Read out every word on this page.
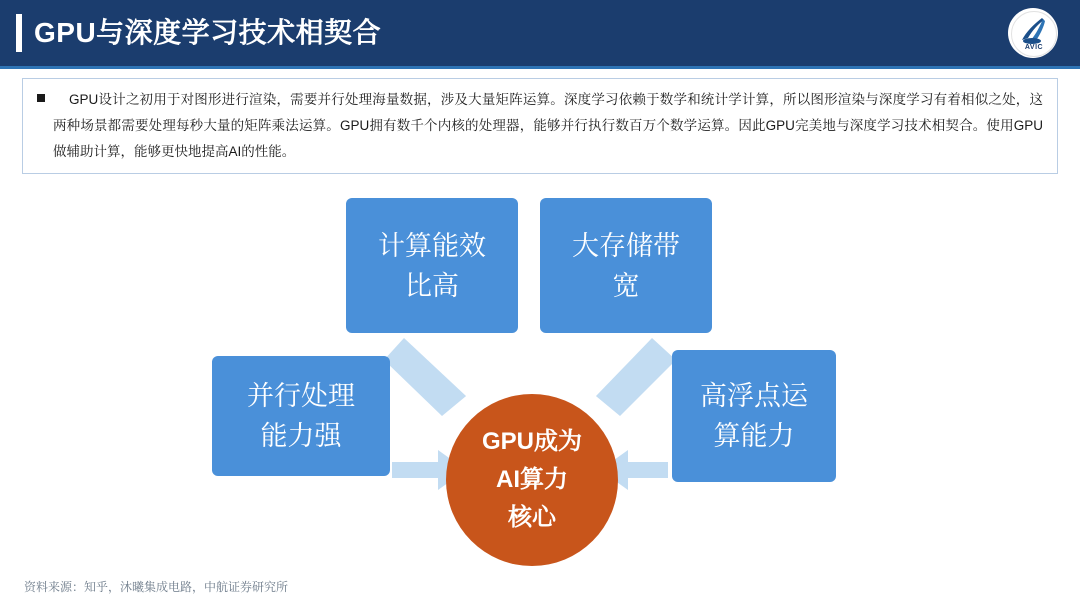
GPU与深度学习技术相契合	AVIC
GPU设计之初用于对图形进行渲染，需要并行处理海量数据，涉及大量矩阵运算。深度学习依赖于数学和统计学计算，所以图形渲染与深度学习有着相似之处，这两种场景都需要处理每秒大量的矩阵乘法运算。GPU拥有数千个内核的处理器，能够并行执行数百万个数学运算。因此GPU完美地与深度学习技术相契合。使用GPU做辅助计算，能够更快地提高AI的性能。
计算能效
比高
大存储带
宽
并行处理
能力强
高浮点运
算能力
GPU成为
AI算力
核心
资料来源：知乎，沐曦集成电路，中航证券研究所
